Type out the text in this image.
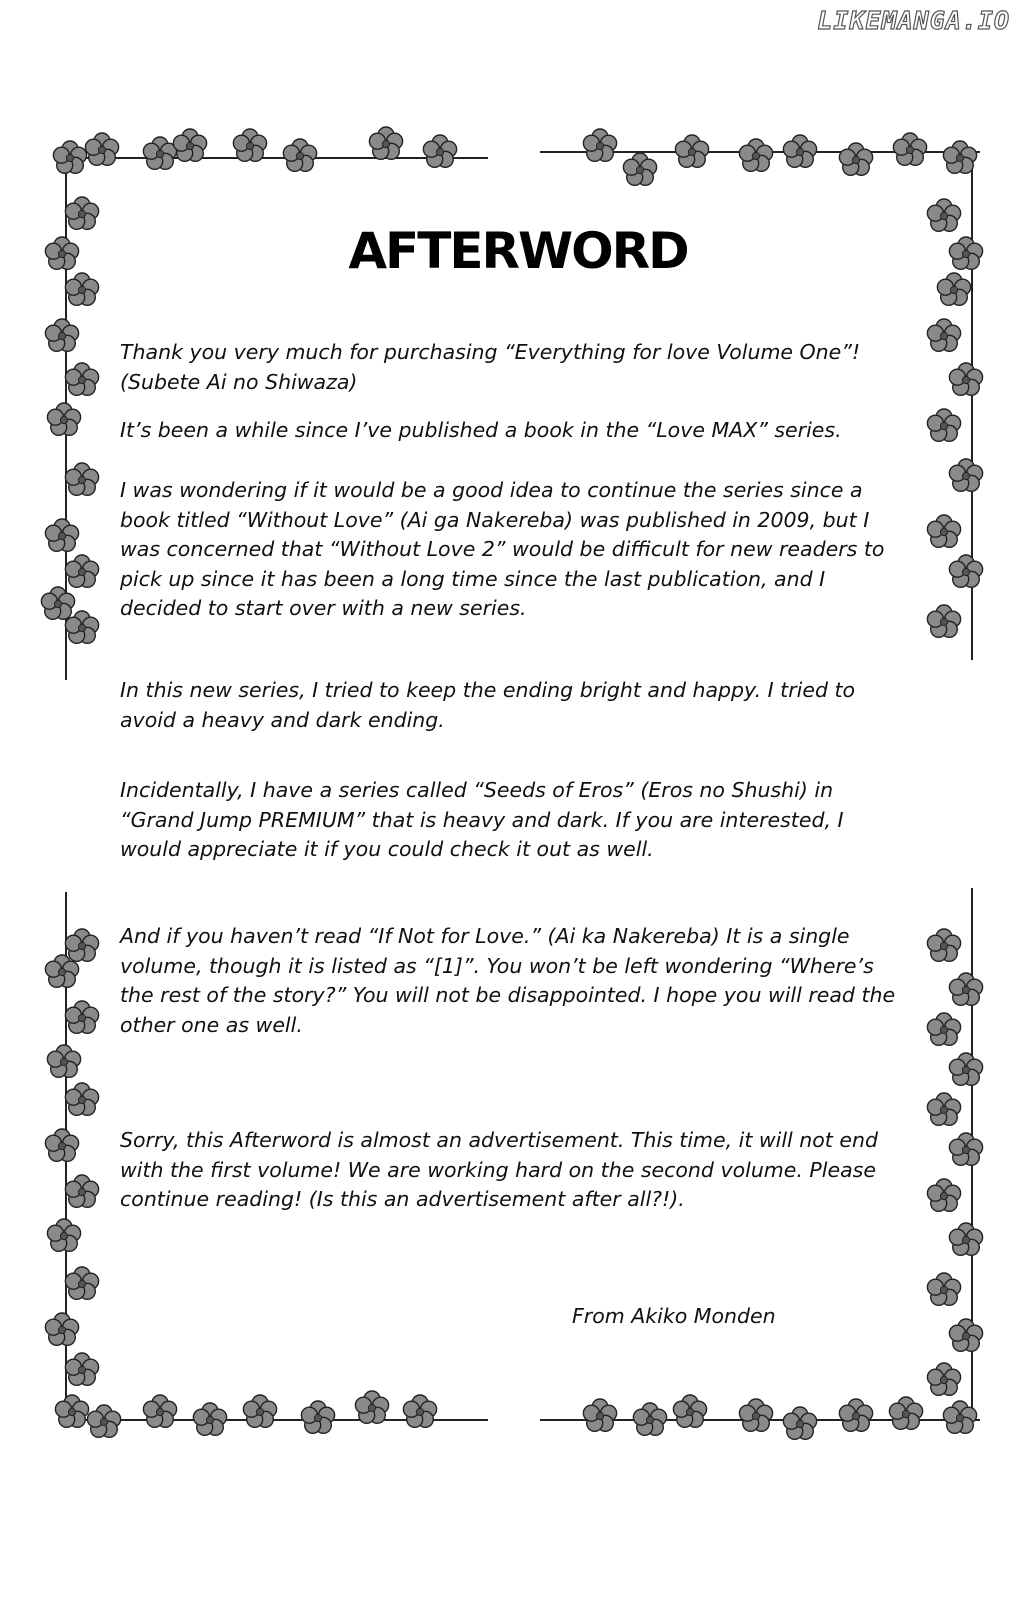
LIKEMANGA.IO
AFTERWORD

Thank you very much for purchasing “Everything for love Volume One”! (Subete Ai no Shiwaza)

It’s been a while since I’ve published a book in the “Love MAX” series.

I was wondering if it would be a good idea to continue the series since a book titled “Without Love” (Ai ga Nakereba) was published in 2009, but I was concerned that “Without Love 2” would be difficult for new readers to pick up since it has been a long time since the last publication, and I decided to start over with a new series.

In this new series, I tried to keep the ending bright and happy. I tried to avoid a heavy and dark ending.

Incidentally, I have a series called “Seeds of Eros” (Eros no Shushi) in “Grand Jump PREMIUM” that is heavy and dark. If you are interested, I would appreciate it if you could check it out as well.

And if you haven’t read “If Not for Love.” (Ai ka Nakereba) It is a single volume, though it is listed as “[1]”. You won’t be left wondering “Where’s the rest of the story?” You will not be disappointed. I hope you will read the other one as well.

Sorry, this Afterword is almost an advertisement. This time, it will not end with the first volume! We are working hard on the second volume. Please continue reading! (Is this an advertisement after all?!).

From Akiko Monden
